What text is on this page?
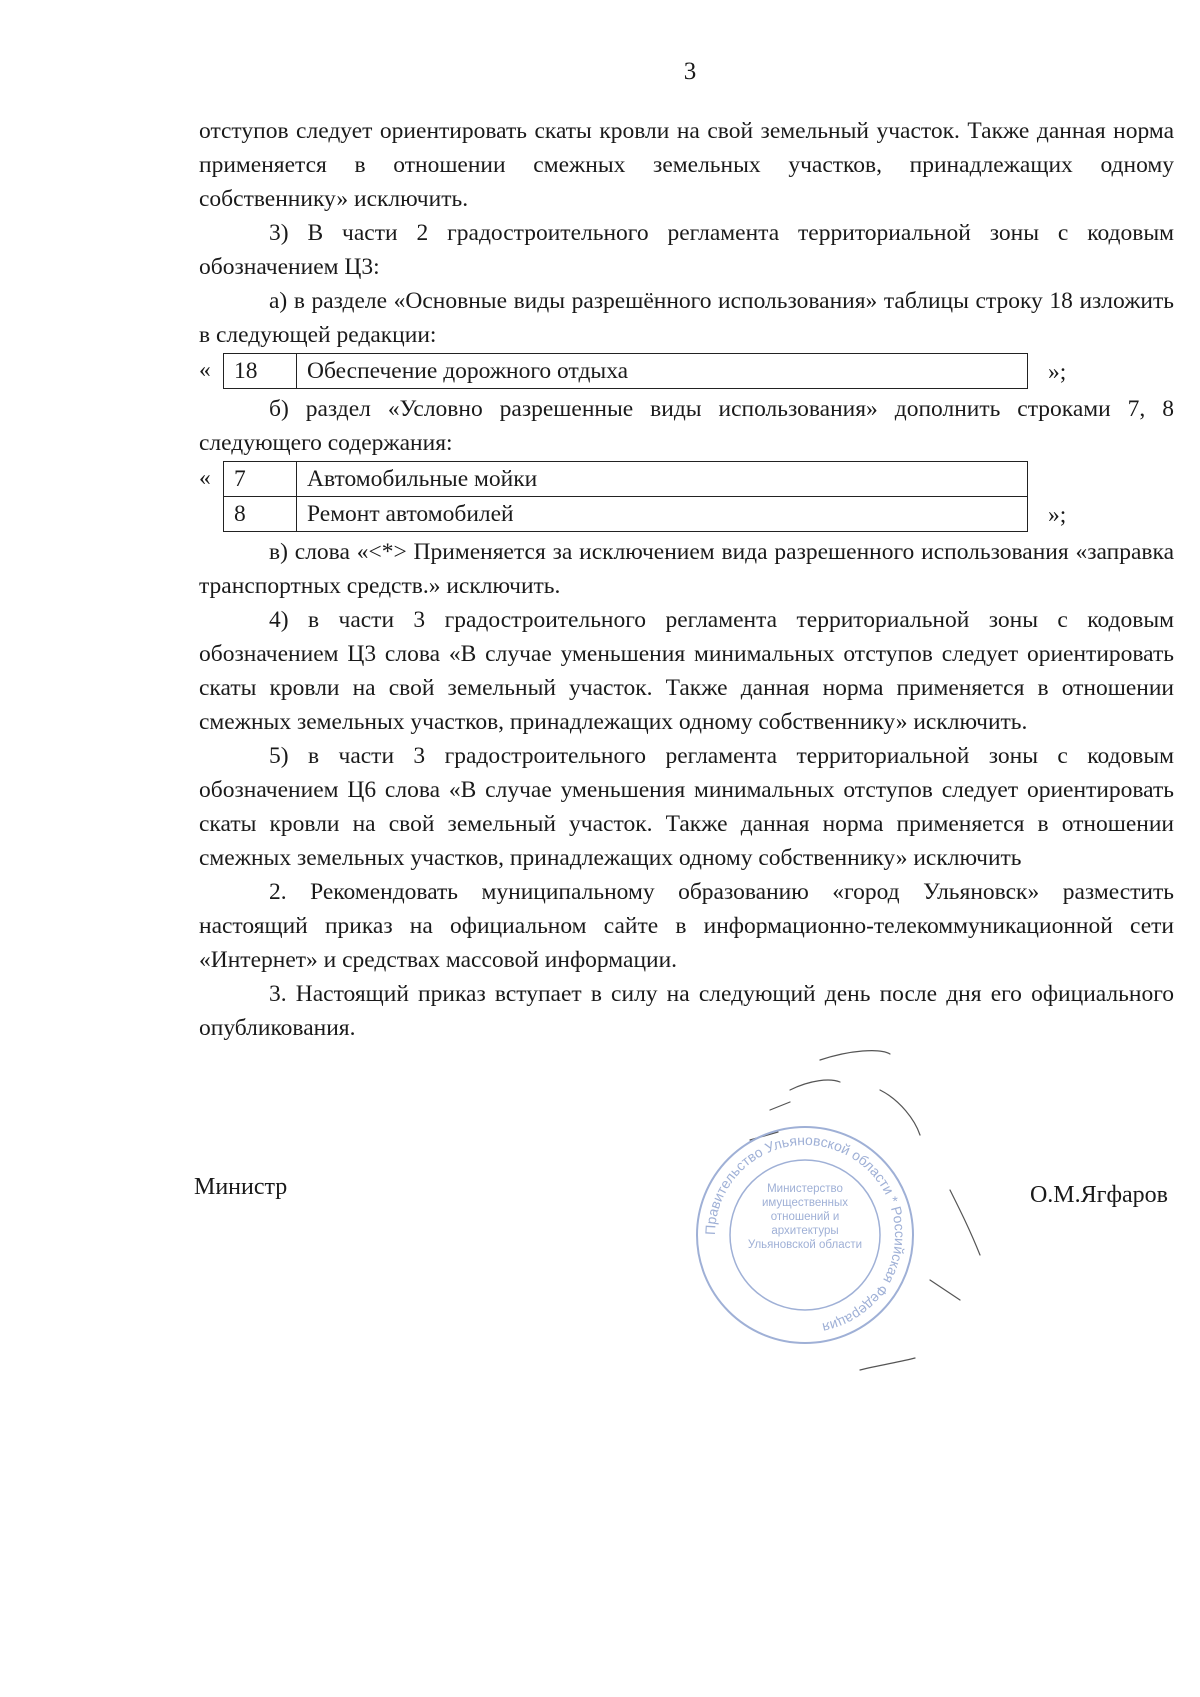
3

отступов следует ориентировать скаты кровли на свой земельный участок. Также данная норма применяется в отношении смежных земельных участков, принадлежащих одному собственнику» исключить.

3) В части 2 градостроительного регламента территориальной зоны с кодовым обозначением Ц3:

а) в разделе «Основные виды разрешённого использования» таблицы строку 18 изложить в следующей редакции:

« 18	Обеспечение дорожного отдыха	»;

б) раздел «Условно разрешенные виды использования» дополнить строками 7, 8 следующего содержания:

« 7	Автомобильные мойки
8	Ремонт автомобилей	»;

в) слова «<*> Применяется за исключением вида разрешенного использования «заправка транспортных средств.» исключить.

4) в части 3 градостроительного регламента территориальной зоны с кодовым обозначением Ц3 слова «В случае уменьшения минимальных отступов следует ориентировать скаты кровли на свой земельный участок. Также данная норма применяется в отношении смежных земельных участков, принадлежащих одному собственнику» исключить.

5) в части 3 градостроительного регламента территориальной зоны с кодовым обозначением Ц6 слова «В случае уменьшения минимальных отступов следует ориентировать скаты кровли на свой земельный участок. Также данная норма применяется в отношении смежных земельных участков, принадлежащих одному собственнику» исключить

2. Рекомендовать муниципальному образованию «город Ульяновск» разместить настоящий приказ на официальном сайте в информационно-телекоммуникационной сети «Интернет» и средствах массовой информации.

3. Настоящий приказ вступает в силу на следующий день после дня его официального опубликования.

Правительство Ульяновской области * Российская Федерация
Министерство имущественных отношений и архитектуры Ульяновской области
Министр	О.М.Ягфаров
